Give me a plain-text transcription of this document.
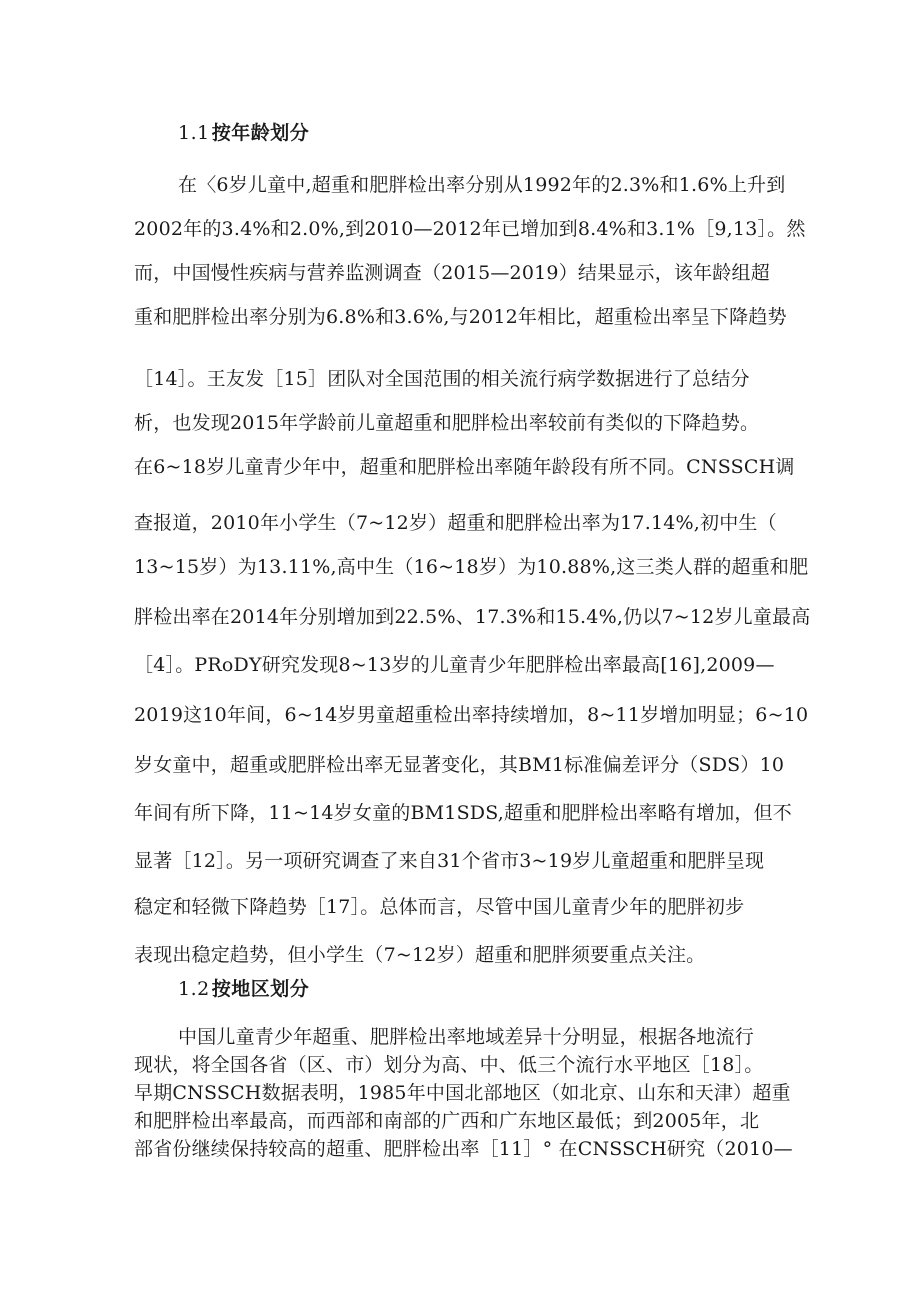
1.1 按年龄划分
在〈6岁儿童中,超重和肥胖检出率分别从1992年的2.3%和1.6%上升到
2002年的3.4%和2.0%,到2010—2012年已增加到8.4%和3.1%［9,13］。然
而，中国慢性疾病与营养监测调查（2015—2019）结果显示，该年龄组超
重和肥胖检出率分别为6.8%和3.6%,与2012年相比，超重检出率呈下降趋势
［14］。王友发［15］团队对全国范围的相关流行病学数据进行了总结分
析，也发现2015年学龄前儿童超重和肥胖检出率较前有类似的下降趋势。
在6~18岁儿童青少年中，超重和肥胖检出率随年龄段有所不同。CNSSCH调
查报道，2010年小学生（7~12岁）超重和肥胖检出率为17.14%,初中生（
13~15岁）为13.11%,高中生（16~18岁）为10.88%,这三类人群的超重和肥
胖检出率在2014年分别增加到22.5%、17.3%和15.4%,仍以7~12岁儿童最高
［4］。PRoDY研究发现8~13岁的儿童青少年肥胖检出率最高[16],2009—
2019这10年间，6~14岁男童超重检出率持续增加，8~11岁增加明显；6~10
岁女童中，超重或肥胖检出率无显著变化，其BM1标准偏差评分（SDS）10
年间有所下降，11~14岁女童的BM1SDS,超重和肥胖检出率略有增加，但不
显著［12］。另一项研究调查了来自31个省市3~19岁儿童超重和肥胖呈现
稳定和轻微下降趋势［17］。总体而言，尽管中国儿童青少年的肥胖初步
表现出稳定趋势，但小学生（7~12岁）超重和肥胖须要重点关注。
1.2 按地区划分
中国儿童青少年超重、肥胖检出率地域差异十分明显，根据各地流行
现状，将全国各省（区、市）划分为高、中、低三个流行水平地区［18］。
早期CNSSCH数据表明，1985年中国北部地区（如北京、山东和天津）超重
和肥胖检出率最高，而西部和南部的广西和广东地区最低；到2005年，北
部省份继续保持较高的超重、肥胖检出率［11］° 在CNSSCH研究（2010—
